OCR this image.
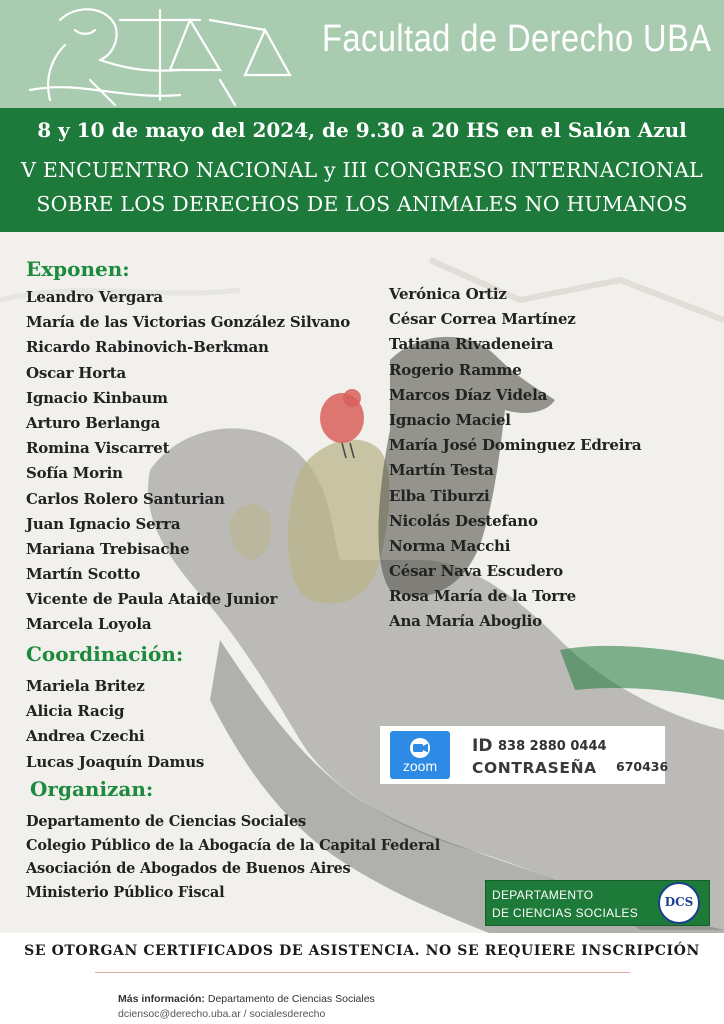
Facultad de Derecho UBA
8 y 10 de mayo del 2024, de 9.30 a 20 HS en el Salón Azul
V ENCUENTRO NACIONAL y III CONGRESO INTERNACIONAL
SOBRE LOS DERECHOS DE LOS ANIMALES NO HUMANOS
Exponen:
Leandro Vergara
María de las Victorias González Silvano
Ricardo Rabinovich-Berkman
Oscar Horta
Ignacio Kinbaum
Arturo Berlanga
Romina Viscarret
Sofía Morin
Carlos Rolero Santurian
Juan Ignacio Serra
Mariana Trebisache
Martín Scotto
Vicente de Paula Ataide Junior
Marcela Loyola
Verónica Ortiz
César Correa Martínez
Tatiana Rivadeneira
Rogerio Ramme
Marcos Díaz Videla
Ignacio Maciel
María José Dominguez Edreira
Martín Testa
Elba Tiburzi
Nicolás Destefano
Norma Macchi
César Nava Escudero
Rosa María de la Torre
Ana María Aboglio
Coordinación:
Mariela Britez
Alicia Racig
Andrea Czechi
Lucas Joaquín Damus
Organizan:
Departamento de Ciencias Sociales
Colegio Público de la Abogacía de la Capital Federal
Asociación de Abogados de Buenos Aires
Ministerio Público Fiscal
zoom
ID 838 2880 0444
CONTRASEÑA 670436
DEPARTAMENTO
DE CIENCIAS SOCIALES
DCS
SE OTORGAN CERTIFICADOS DE ASISTENCIA. NO SE REQUIERE INSCRIPCIÓN
Más información: Departamento de Ciencias Sociales
dciensoc@derecho.uba.ar / socialesderecho
